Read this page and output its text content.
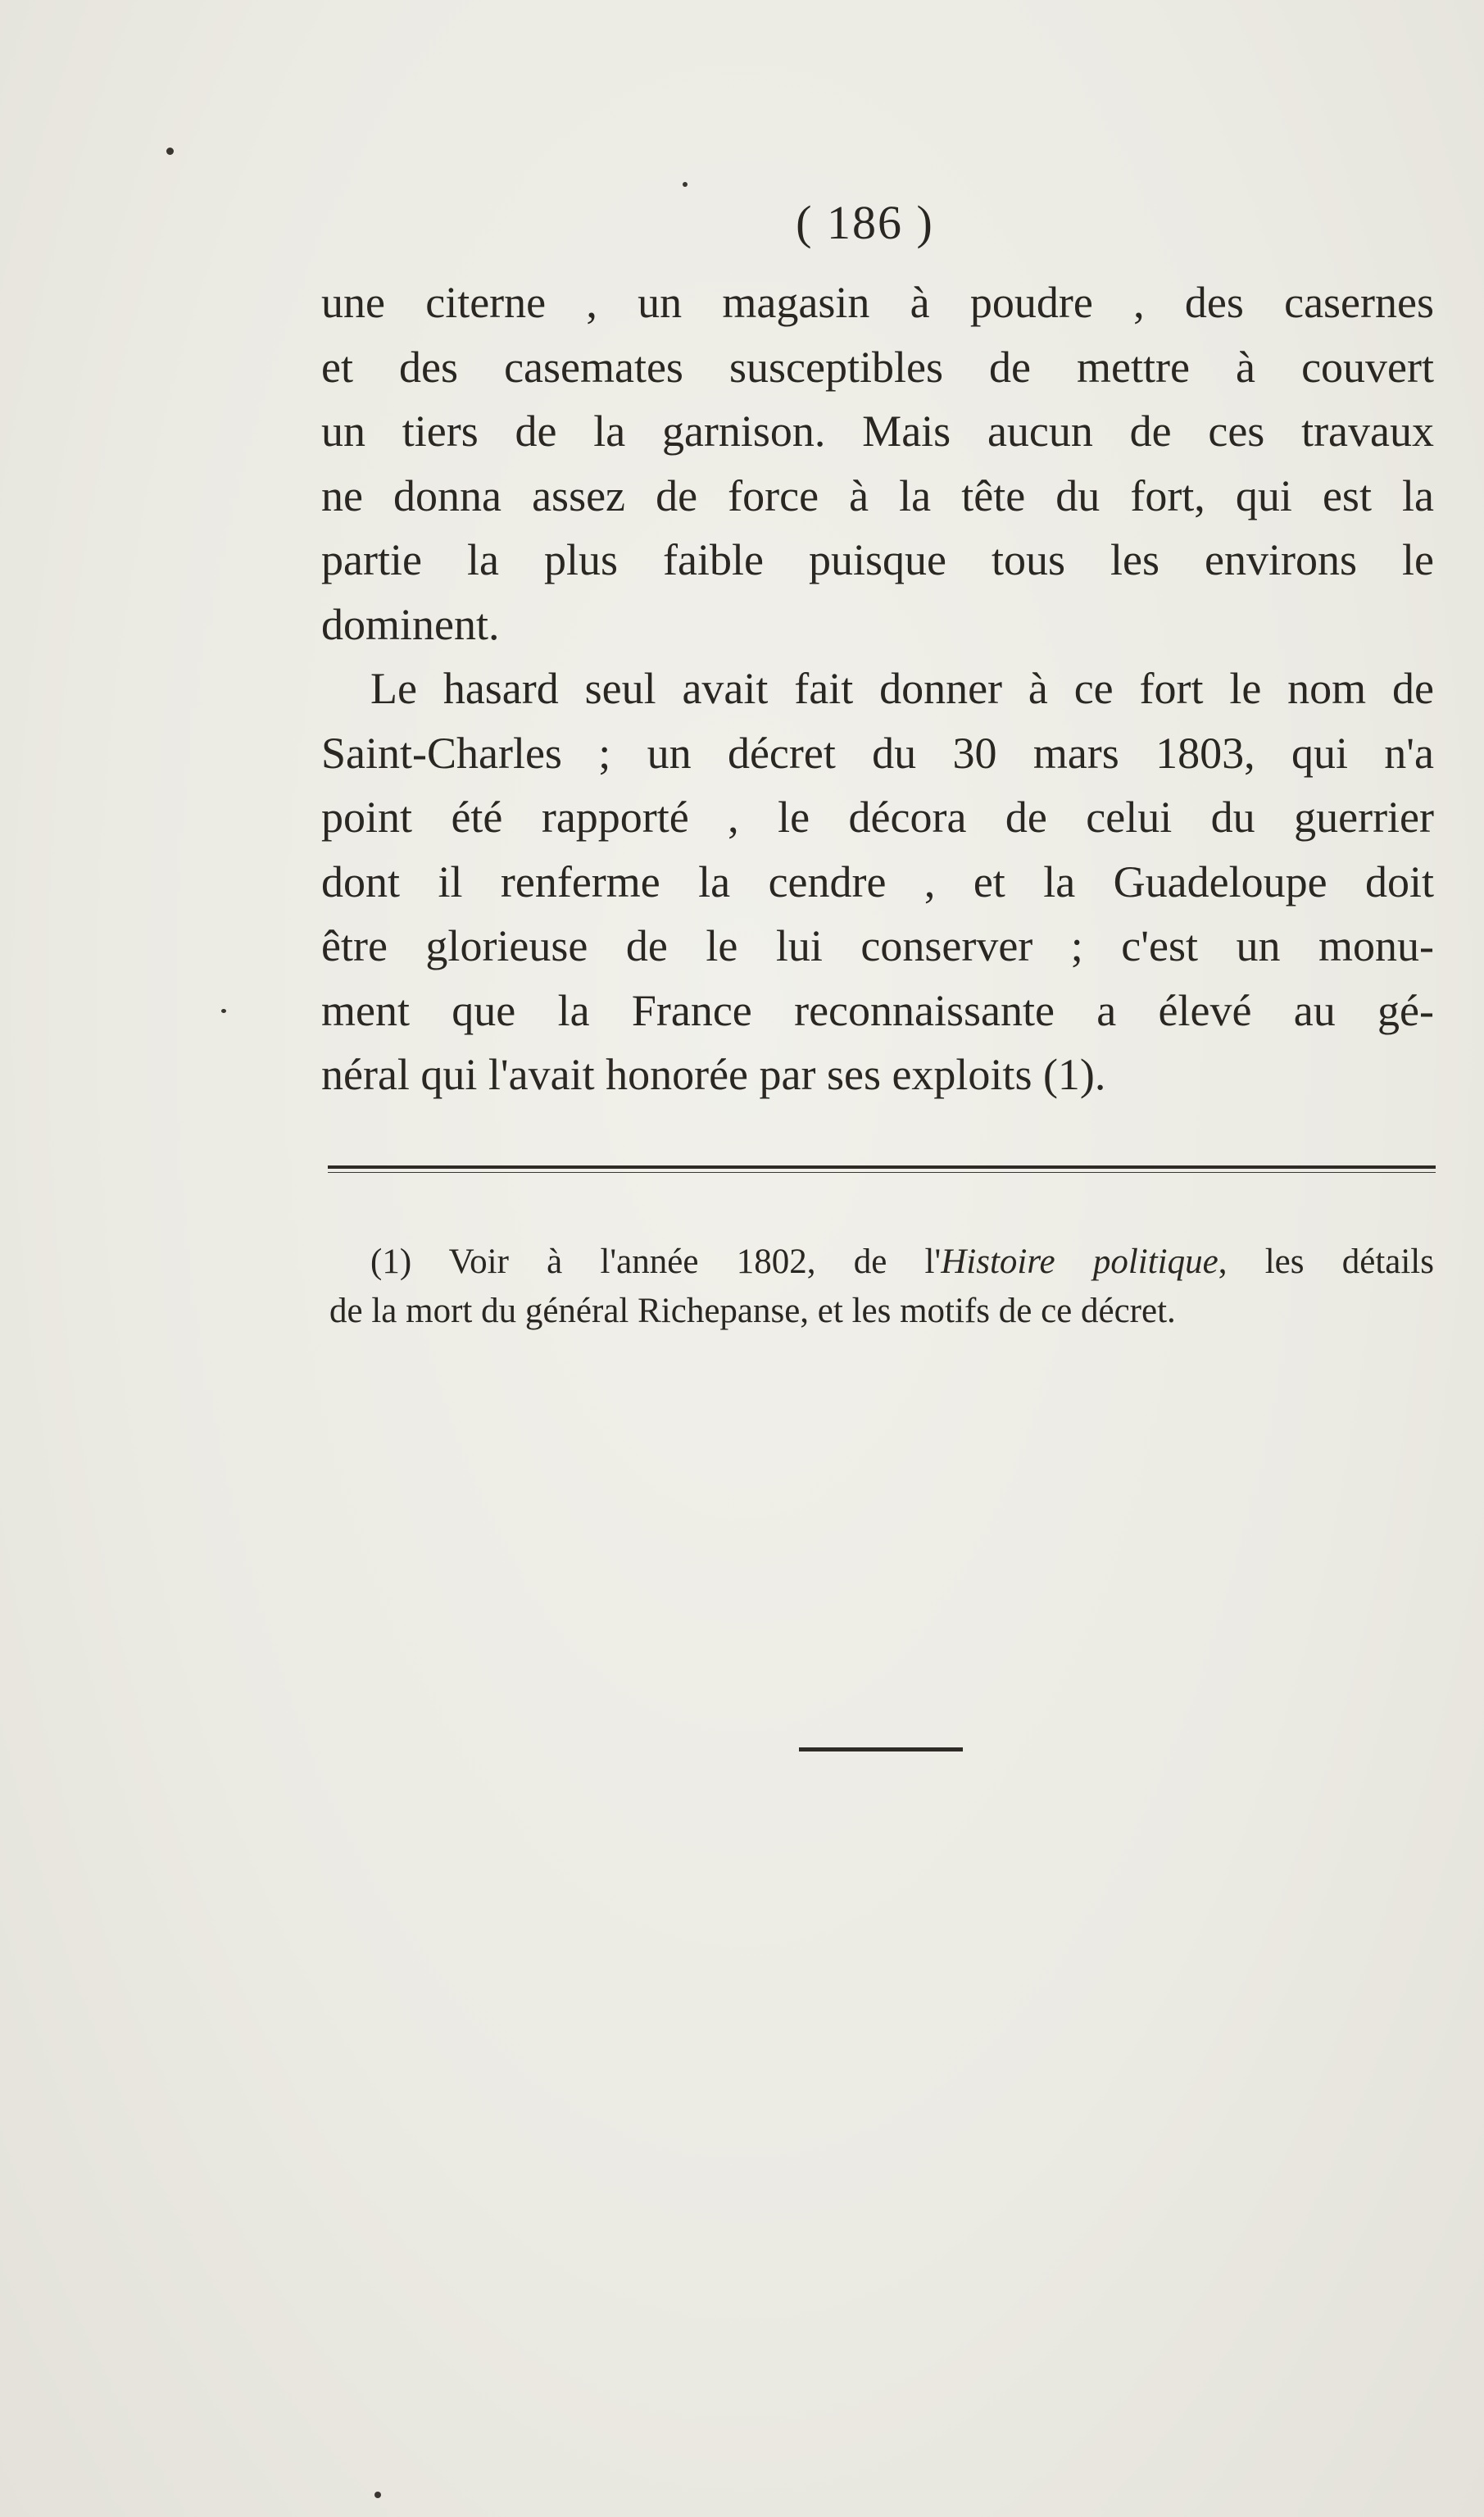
( 186 )
une citerne , un magasin à poudre , des casernes
et des casemates susceptibles de mettre à couvert
un tiers de la garnison. Mais aucun de ces travaux
ne donna assez de force à la tête du fort, qui est la
partie la plus faible puisque tous les environs le
dominent.
Le hasard seul avait fait donner à ce fort le nom de
Saint-Charles ; un décret du 30 mars 1803, qui n'a
point été rapporté , le décora de celui du guerrier
dont il renferme la cendre , et la Guadeloupe doit
être glorieuse de le lui conserver ; c'est un monu-
ment que la France reconnaissante a élevé au gé-
néral qui l'avait honorée par ses exploits (1).
(1) Voir à l'année 1802, de l'Histoire politique, les détails
de la mort du général Richepanse, et les motifs de ce décret.
